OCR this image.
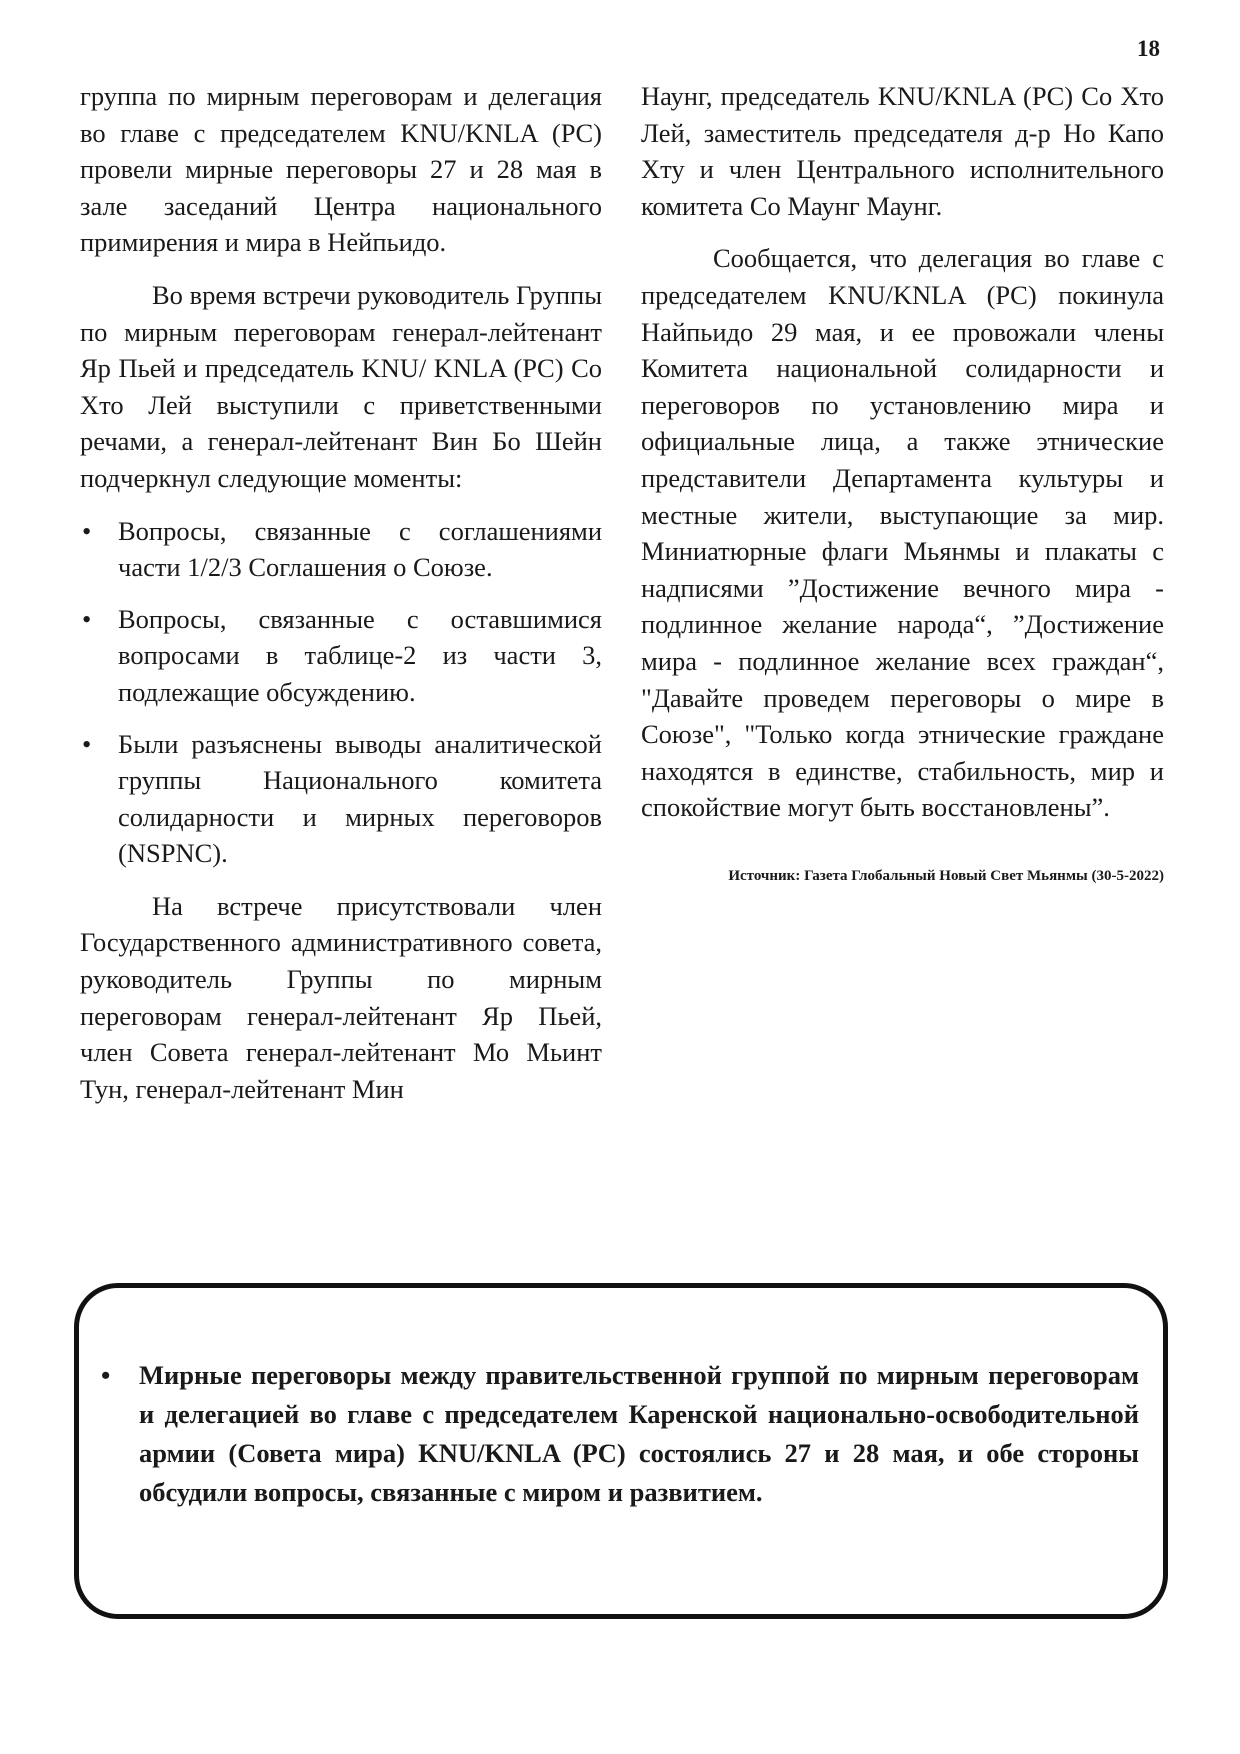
18

группа по мирным переговорам и делегация во главе с председателем KNU/KNLA (PC) провели мирные переговоры 27 и 28 мая в зале заседаний Центра национального примирения и мира в Нейпьидо.

Во время встречи руководитель Группы по мирным переговорам генерал-лейтенант Яр Пьей и председатель KNU/ KNLA (PC) Со Хто Лей выступили с приветственными речами, а генерал-лейтенант Вин Бо Шейн подчеркнул следующие моменты:

• Вопросы, связанные с соглашениями части 1/2/3 Соглашения о Союзе.
• Вопросы, связанные с оставшимися вопросами в таблице-2 из части 3, подлежащие обсуждению.
• Были разъяснены выводы аналитической группы Национального комитета солидарности и мирных переговоров (NSPNC).

На встрече присутствовали член Государственного административного совета, руководитель Группы по мирным переговорам генерал-лейтенант Яр Пьей, член Совета генерал-лейтенант Мо Мьинт Тун, генерал-лейтенант Мин

Наунг, председатель KNU/KNLA (PC) Со Хто Лей, заместитель председателя д-р Но Капо Хту и член Центрального исполнительного комитета Со Маунг Маунг.

Сообщается, что делегация во главе с председателем KNU/KNLA (PC) покинула Найпьидо 29 мая, и ее провожали члены Комитета национальной солидарности и переговоров по установлению мира и официальные лица, а также этнические представители Департамента культуры и местные жители, выступающие за мир. Миниатюрные флаги Мьянмы и плакаты с надписями ”Достижение вечного мира - подлинное желание народа“, ”Достижение мира - подлинное желание всех граждан“, "Давайте проведем переговоры о мире в Союзе", "Только когда этнические граждане находятся в единстве, стабильность, мир и спокойствие могут быть восстановлены”.

Источник: Газета Глобальный Новый Свет Мьянмы (30-5-2022)
• Мирные переговоры между правительственной группой по мирным переговорам и делегацией во главе с председателем Каренской национально-освободительной армии (Совета мира) KNU/KNLA (PC) состоялись 27 и 28 мая, и обе стороны обсудили вопросы, связанные с миром и развитием.
